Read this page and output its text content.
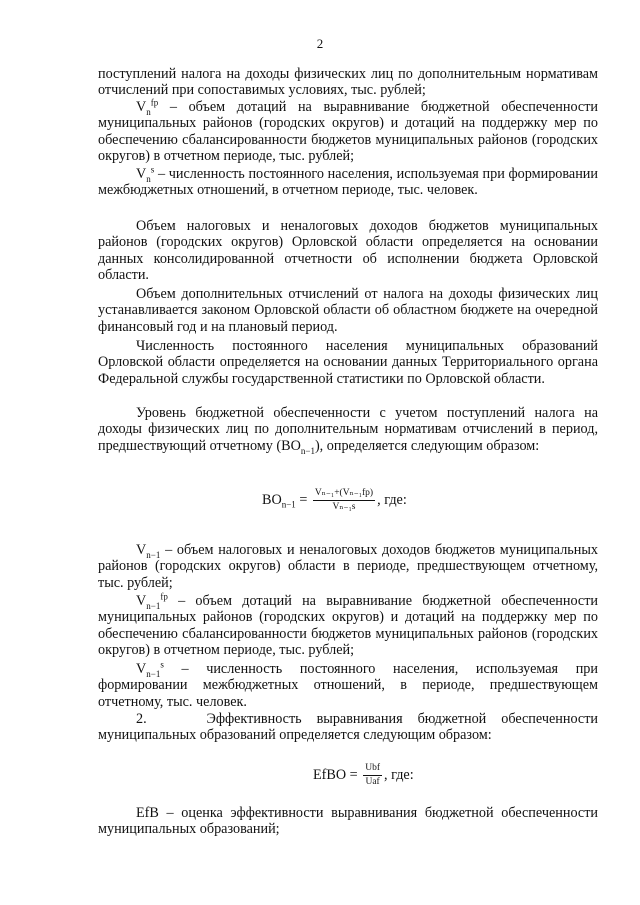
2

поступлений налога на доходы физических лиц по дополнительным нормативам отчислений при сопоставимых условиях, тыс. рублей;

$V_n^{fp}$ – объем дотаций на выравнивание бюджетной обеспеченности муниципальных районов (городских округов) и дотаций на поддержку мер по обеспечению сбалансированности бюджетов муниципальных районов (городских округов) в отчетном периоде, тыс. рублей;

$V_n^s$ – численность постоянного населения, используемая при формировании межбюджетных отношений, в отчетном периоде, тыс. человек.

Объем налоговых и неналоговых доходов бюджетов муниципальных районов (городских округов) Орловской области определяется на основании данных консолидированной отчетности об исполнении бюджета Орловской области.

Объем дополнительных отчислений от налога на доходы физических лиц устанавливается законом Орловской области об областном бюджете на очередной финансовый год и на плановый период.

Численность постоянного населения муниципальных образований Орловской области определяется на основании данных Территориального органа Федеральной службы государственной статистики по Орловской области.

Уровень бюджетной обеспеченности с учетом поступлений налога на доходы физических лиц по дополнительным нормативам отчислений в период, предшествующий отчетному $(BO_{n-1})$, определяется следующим образом:

$BO_{n-1} = \frac{\text{Vₙ₋₁+(Vₙ₋₁fp)}}{\text{Vₙ₋₁s}}$ , где:

$V_{n-1}$ – объем налоговых и неналоговых доходов бюджетов муниципальных районов (городских округов) области в периоде, предшествующем отчетному, тыс. рублей;

$V_{n-1}^{fp}$ – объем дотаций на выравнивание бюджетной обеспеченности муниципальных районов (городских округов) и дотаций на поддержку мер по обеспечению сбалансированности бюджетов муниципальных районов (городских округов) в отчетном периоде, тыс. рублей;

$V_{n-1}^s$ – численность постоянного населения, используемая при формировании межбюджетных отношений, в периоде, предшествующем отчетному, тыс. человек.

2.    Эффективность выравнивания бюджетной обеспеченности муниципальных образований определяется следующим образом:

EfBO = $\frac{\text{Ubf}}{\text{Uaf}}$ , где:

EfB – оценка эффективности выравнивания бюджетной обеспеченности муниципальных образований;
